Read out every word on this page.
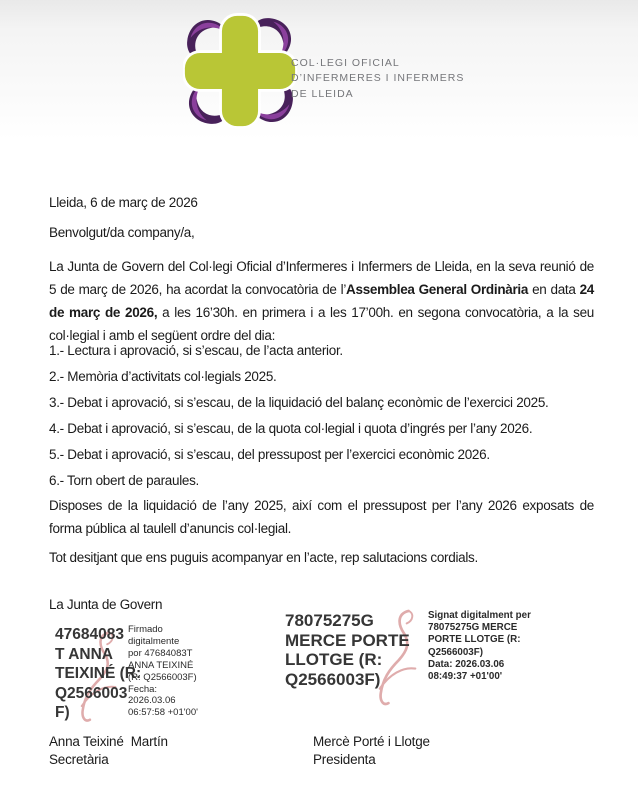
COL·LEGI OFICIAL
D’INFERMERES I INFERMERS
DE LLEIDA
Lleida, 6 de març de 2026
Benvolgut/da company/a,
La Junta de Govern del Col·legi Oficial d’Infermeres i Infermers de Lleida, en la seva reunió de 5 de març de 2026, ha acordat la convocatòria de l’Assemblea General Ordinària en data 24 de març de 2026, a les 16’30h. en primera i a les 17’00h. en segona convocatòria, a la seu col·legial i amb el següent ordre del dia:
1.- Lectura i aprovació, si s’escau, de l’acta anterior.
2.- Memòria d’activitats col·legials 2025.
3.- Debat i aprovació, si s’escau, de la liquidació del balanç econòmic de l’exercici 2025.
4.- Debat i aprovació, si s’escau, de la quota col·legial i quota d’ingrés per l’any 2026.
5.- Debat i aprovació, si s’escau, del pressupost per l’exercici econòmic 2026.
6.- Torn obert de paraules.
Disposes de la liquidació de l’any 2025, així com el pressupost per l’any 2026 exposats de forma pública al taulell d’anuncis col·legial.
Tot desitjant que ens puguis acompanyar en l’acte, rep salutacions cordials.
La Junta de Govern
47684083
T ANNA
TEIXINÉ (R:
Q2566003
F)
Firmado
digitalmente
por 47684083T
ANNA TEIXINÉ
(R: Q2566003F)
Fecha:
2026.03.06
06:57:58 +01'00'
78075275G
MERCE PORTE
LLOTGE (R:
Q2566003F)
Signat digitalment per
78075275G MERCE
PORTE LLOTGE (R:
Q2566003F)
Data: 2026.03.06
08:49:37 +01'00'
Anna Teixiné  Martín
Secretària
Mercè Porté i Llotge
Presidenta
